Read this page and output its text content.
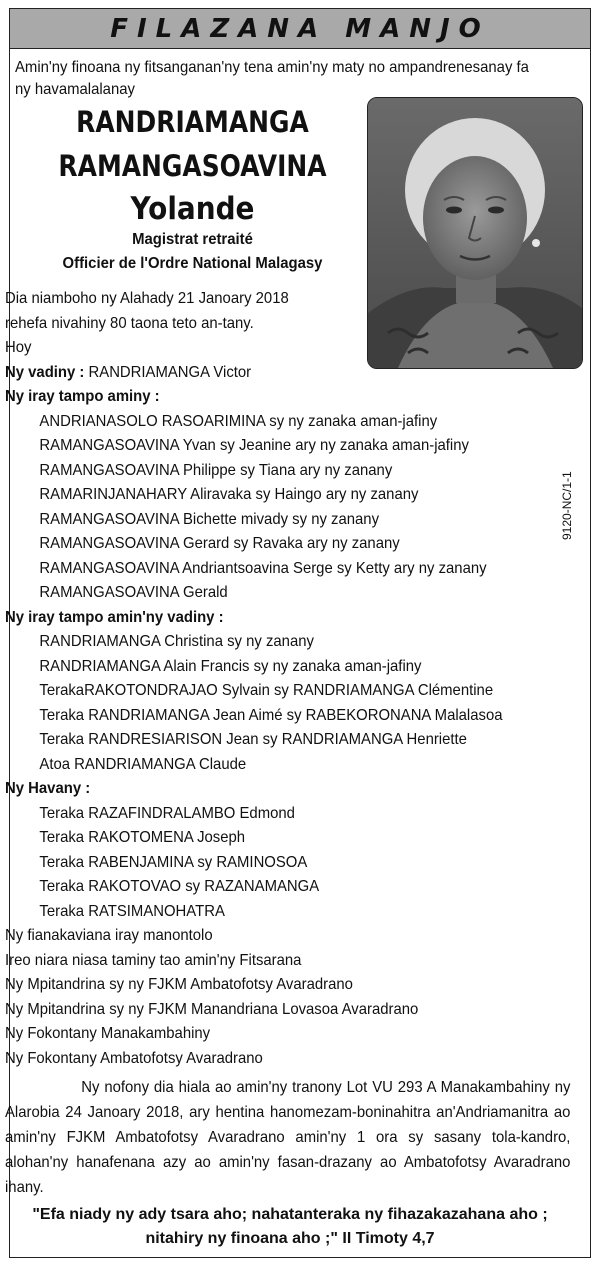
FILAZANA MANJO
Amin'ny finoana ny fitsanganan'ny tena amin'ny maty no ampandrenesanay fa ny havamalalanay
RANDRIAMANGA
RAMANGASOAVINA
Yolande
Magistrat retraité
Officier de l'Ordre National Malagasy
9120-NC/1-1
Dia niamboho ny Alahady 21 Janoary 2018
rehefa nivahiny 80 taona teto an-tany.
Hoy
Ny vadiny : RANDRIAMANGA Victor
Ny iray tampo aminy :
ANDRIANASOLO RASOARIMINA sy ny zanaka aman-jafiny
RAMANGASOAVINA Yvan sy Jeanine ary ny zanaka aman-jafiny
RAMANGASOAVINA Philippe sy Tiana ary ny zanany
RAMARINJANAHARY Aliravaka sy Haingo ary ny zanany
RAMANGASOAVINA Bichette mivady sy ny zanany
RAMANGASOAVINA Gerard sy Ravaka ary ny zanany
RAMANGASOAVINA Andriantsoavina Serge sy Ketty ary ny zanany
RAMANGASOAVINA Gerald
Ny iray tampo amin'ny vadiny :
RANDRIAMANGA Christina sy ny zanany
RANDRIAMANGA Alain Francis sy ny zanaka aman-jafiny
TerakaRAKOTONDRAJAO Sylvain sy RANDRIAMANGA Clémentine
Teraka RANDRIAMANGA Jean Aimé sy RABEKORONANA Malalasoa
Teraka RANDRESIARISON Jean sy RANDRIAMANGA Henriette
Atoa RANDRIAMANGA Claude
Ny Havany :
Teraka RAZAFINDRALAMBO Edmond
Teraka RAKOTOMENA Joseph
Teraka RABENJAMINA sy RAMINOSOA
Teraka RAKOTOVAO sy RAZANAMANGA
Teraka RATSIMANOHATRA
Ny fianakaviana iray manontolo
Ireo niara niasa taminy tao amin'ny Fitsarana
Ny Mpitandrina sy ny FJKM Ambatofotsy Avaradrano
Ny Mpitandrina sy ny FJKM Manandriana Lovasoa Avaradrano
Ny Fokontany Manakambahiny
Ny Fokontany Ambatofotsy Avaradrano
Ny nofony dia hiala ao amin'ny tranony Lot VU 293 A Manakambahiny ny Alarobia 24 Janoary 2018, ary hentina hanomezam-boninahitra an'Andriamanitra ao amin'ny FJKM Ambatofotsy Avaradrano amin'ny 1 ora sy sasany tola-kandro, alohan'ny hanafenana azy ao amin'ny fasan-drazany ao Ambatofotsy Avaradrano ihany.
"Efa niady ny ady tsara aho; nahatanteraka ny fihazakazahana aho ;
nitahiry ny finoana aho ;" II Timoty 4,7
